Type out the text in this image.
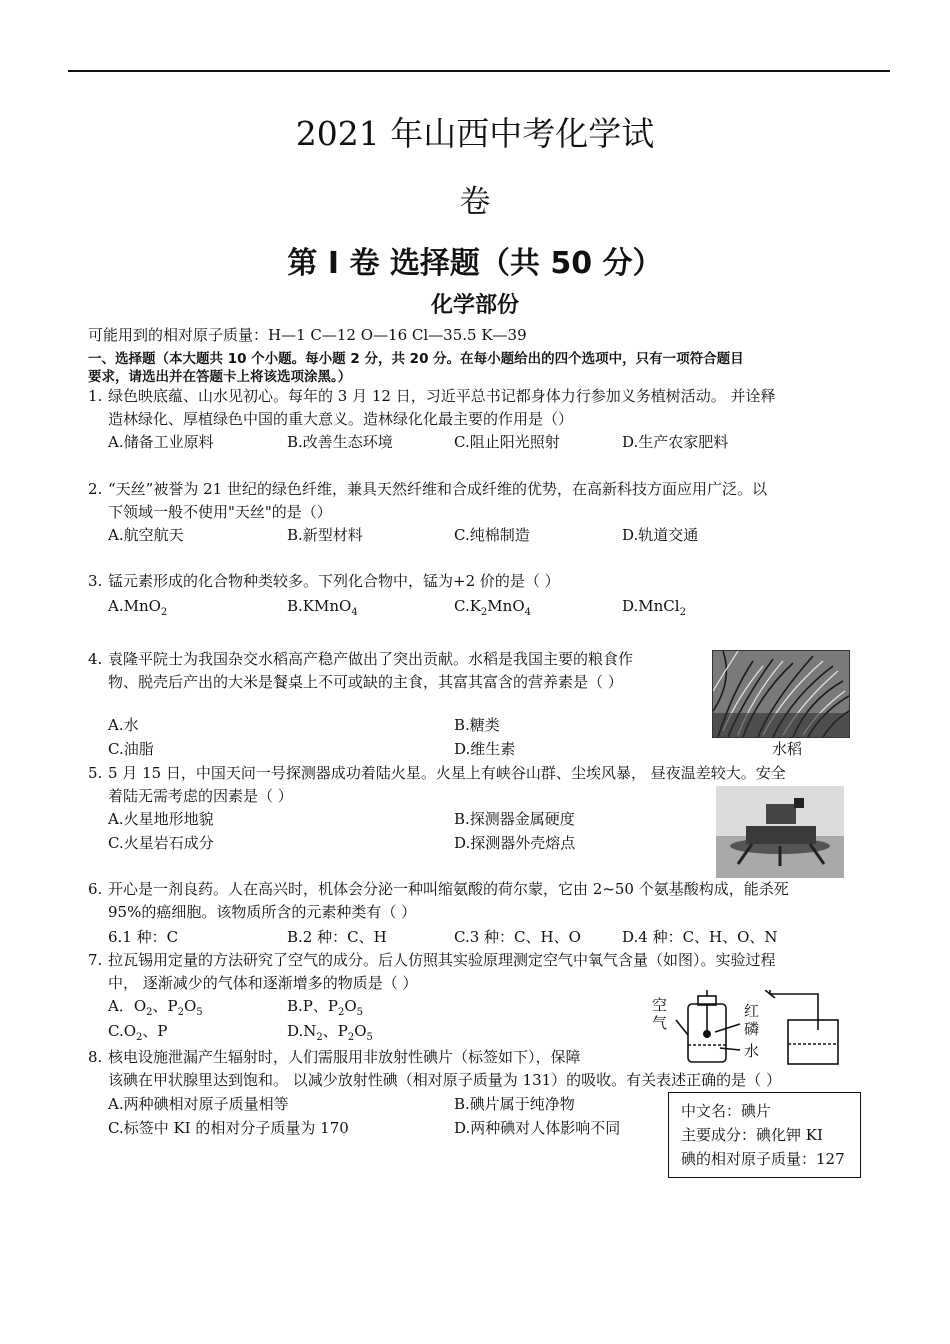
2021 年山西中考化学试
卷
第 I 卷 选择题（共 50 分）
化学部份
可能用到的相对原子质量：H—1 C—12 O—16 Cl—35.5 K—39
一、选择题（本大题共 10 个小题。每小题 2 分，共 20 分。在每小题给出的四个选项中，只有一项符合题目
要求，请选出并在答题卡上将该选项涂黑。）
1. 绿色映底蕴、山水见初心。每年的 3 月 12 日，习近平总书记都身体力行参加义务植树活动。 并诠释
造林绿化、厚植绿色中国的重大意义。造林绿化化最主要的作用是（）
A.储备工业原料	B.改善生态环境	C.阻止阳光照射	D.生产农家肥料
2. “天丝”被誉为 21 世纪的绿色纤维，兼具天然纤维和合成纤维的优势，在高新科技方面应用广泛。以
下领域一般不使用"天丝"的是（）
A.航空航天	B.新型材料	C.纯棉制造	D.轨道交通
3. 锰元素形成的化合物种类较多。下列化合物中，锰为+2 价的是（ ）
A.MnO$_2$	B.KMnO$_4$	$C.K_2MnO_4$	D.MnCl$_2$
4. 袁隆平院士为我国杂交水稻高产稳产做出了突出贡献。水稻是我国主要的粮食作
物、脱壳后产出的大米是餐桌上不可或缺的主食，其富其富含的营养素是（ ）
A.水	B.糖类
C.油脂	D.维生素	水稻
5. 5 月 15 日，中国天问一号探测器成功着陆火星。火星上有峡谷山群、尘埃风暴， 昼夜温差较大。安全
着陆无需考虑的因素是（ ）
A.火星地形地貌	B.探测器金属硬度
C.火星岩石成分	D.探测器外壳熔点
6. 开心是一剂良药。人在高兴时，机体会分泌一种叫缩氨酸的荷尔蒙，它由 2~50 个氨基酸构成，能杀死
95%的癌细胞。该物质所含的元素种类有（ ）
6.1 种：C	B.2 种：C、H	C.3 种：C、H、O	D.4 种：C、H、O、N
7. 拉瓦锡用定量的方法研究了空气的成分。后人仿照其实验原理测定空气中氧气含量（如图）。实验过程
中， 逐渐减少的气体和逐渐增多的物质是（ ）
A．$O_2$、$P_2O_5$	B.P、$P_2O_5$
$C.O_2$、P	$D.N_2$、$P_2O_5$
空气
红磷
水
8. 核电设施泄漏产生辐射时，人们需服用非放射性碘片（标签如下），保障
该碘在甲状腺里达到饱和。 以减少放射性碘（相对原子质量为 131）的吸收。有关表述正确的是（ ）
A.两种碘相对原子质量相等	B.碘片属于纯净物
C.标签中 KI 的相对分子质量为 170	D.两种碘对人体影响不同
中文名：碘片
主要成分：碘化钾 KI
碘的相对原子质量：127
